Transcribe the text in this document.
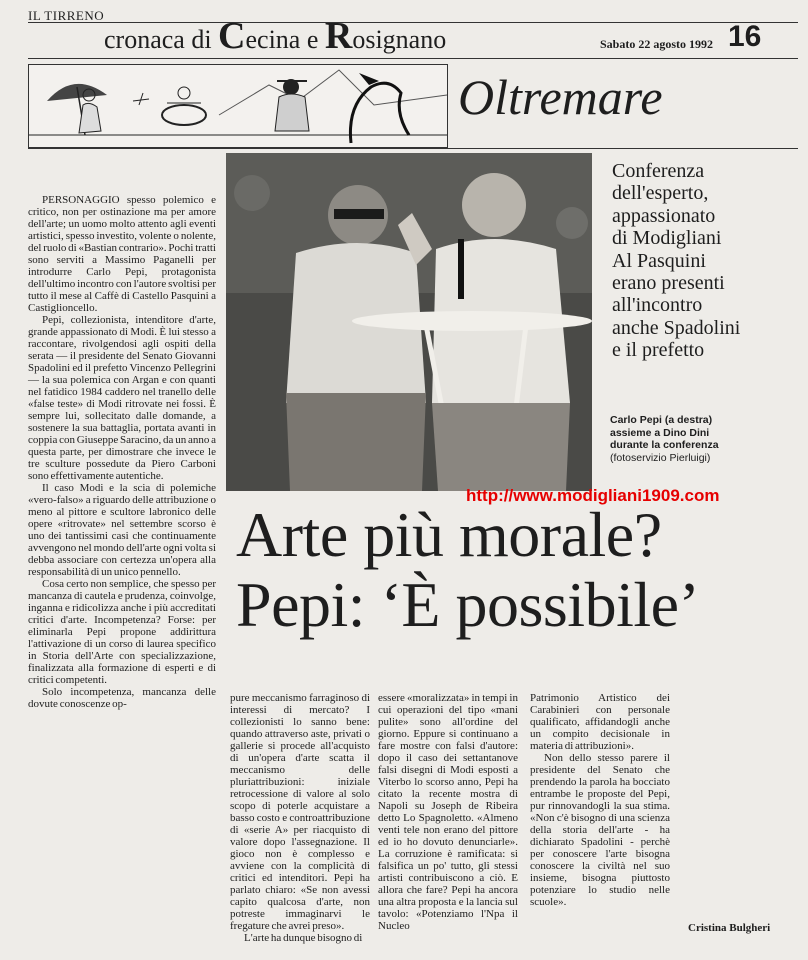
IL TIRRENO
cronaca di Cecina e Rosignano	Sabato 22 agosto 1992 16
Oltremare
Conferenza
dell'esperto,
appassionato
di Modigliani
Al Pasquini
erano presenti
all'incontro
anche Spadolini
e il prefetto
Carlo Pepi (a destra)
assieme a Dino Dini
durante la conferenza
(fotoservizio Pierluigi)
http://www.modigliani1909.com
Arte più morale?
Pepi: ‘È possibile’

PERSONAGGIO spesso polemico e critico, non per ostinazione ma per amore dell'arte; un uomo molto attento agli eventi artistici, spesso investito, volente o nolente, del ruolo di «Bastian contrario». Pochi tratti sono serviti a Massimo Paganelli per introdurre Carlo Pepi, protagonista dell'ultimo incontro con l'autore svoltisi per tutto il mese al Caffè di Castello Pasquini a Castiglioncello.

Pepi, collezionista, intenditore d'arte, grande appassionato di Modi. È lui stesso a raccontare, rivolgendosi agli ospiti della serata — il presidente del Senato Giovanni Spadolini ed il prefetto Vincenzo Pellegrini — la sua polemica con Argan e con quanti nel fatidico 1984 caddero nel tranello delle «false teste» di Modi ritrovate nei fossi. È sempre lui, sollecitato dalle domande, a sostenere la sua battaglia, portata avanti in coppia con Giuseppe Saracino, da un anno a questa parte, per dimostrare che invece le tre sculture possedute da Piero Carboni sono effettivamente autentiche.

Il caso Modi e la scia di polemiche «vero-falso» a riguardo delle attribuzione o meno al pittore e scultore labronico delle opere «ritrovate» nel settembre scorso è uno dei tantissimi casi che continuamente avvengono nel mondo dell'arte ogni volta si debba associare con certezza un'opera alla responsabilità di un unico pennello.

Cosa certo non semplice, che spesso per mancanza di cautela e prudenza, coinvolge, inganna e ridicolizza anche i più accreditati critici d'arte. Incompetenza? Forse: per eliminarla Pepi propone addirittura l'attivazione di un corso di laurea specifico in Storia dell'Arte con specializzazione, finalizzata alla formazione di esperti e di critici competenti.

Solo incompetenza, mancanza delle dovute conoscenze op-	pure meccanismo farraginoso di interessi di mercato? I collezionisti lo sanno bene: quando attraverso aste, privati o gallerie si procede all'acquisto di un'opera d'arte scatta il meccanismo delle pluriattribuzioni: iniziale retrocessione di valore al solo scopo di poterle acquistare a basso costo e controattribuzione di «serie A» per riacquisto di valore dopo l'assegnazione. Il gioco non è complesso e avviene con la complicità di critici ed intenditori. Pepi ha parlato chiaro: «Se non avessi capito qualcosa d'arte, non potreste immaginarvi le fregature che avrei preso».

L'arte ha dunque bisogno di

essere «moralizzata» in tempi in cui operazioni del tipo «mani pulite» sono all'ordine del giorno. Eppure si continuano a fare mostre con falsi d'autore: dopo il caso dei settantanove falsi disegni di Modi esposti a Viterbo lo scorso anno, Pepi ha citato la recente mostra di Napoli su Joseph de Ribeira detto Lo Spagnoletto. «Almeno venti tele non erano del pittore ed io ho dovuto denunciarle». La corruzione è ramificata: si falsifica un po' tutto, gli stessi artisti contribuiscono a ciò. E allora che fare? Pepi ha ancora una altra proposta e la lancia sul tavolo: «Potenziamo l'Npa il Nucleo

Patrimonio Artistico dei Carabinieri con personale qualificato, affidandogli anche un compito decisionale in materia di attribuzioni».

Non dello stesso parere il presidente del Senato che prendendo la parola ha bocciato entrambe le proposte del Pepi, pur rinnovandogli la sua stima. «Non c'è bisogno di una scienza della storia dell'arte - ha dichiarato Spadolini - perchè per conoscere l'arte bisogna conoscere la civiltà nel suo insieme, bisogna piuttosto potenziare lo studio nelle scuole».

Cristina Bulgheri
